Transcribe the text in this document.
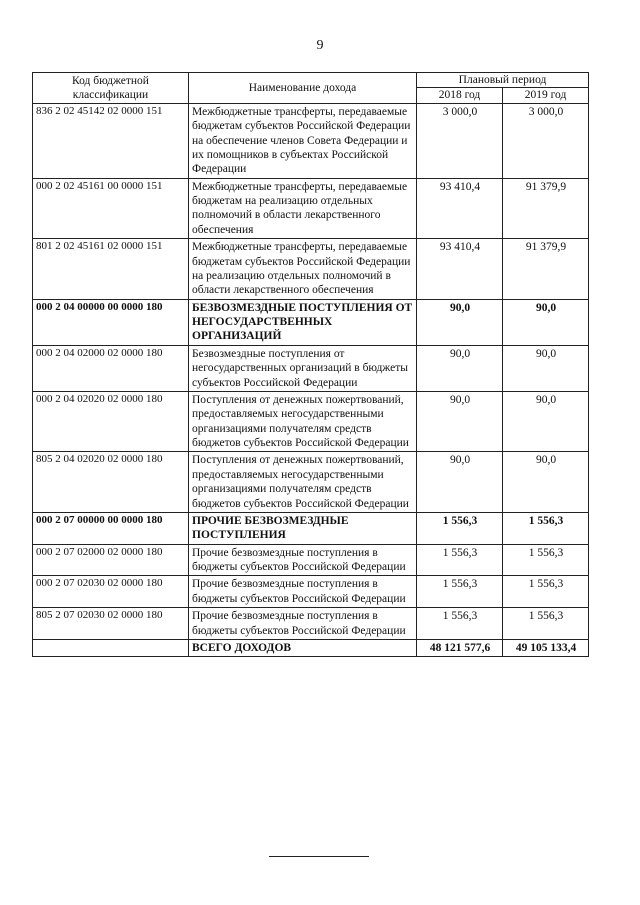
9
Код бюджетной классификации	Наименование дохода	Плановый период	
		2018 год	2019 год
836 2 02 45142 02 0000 151	Межбюджетные трансферты, передаваемые бюджетам субъектов Российской Федерации на обеспечение членов Совета Федерации и их помощников в субъектах Российской Федерации	3 000,0	3 000,0
000 2 02 45161 00 0000 151	Межбюджетные трансферты, передаваемые бюджетам на реализацию отдельных полномочий в области лекарственного обеспечения	93 410,4	91 379,9
801 2 02 45161 02 0000 151	Межбюджетные трансферты, передаваемые бюджетам субъектов Российской Федерации на реализацию отдельных полномочий в области лекарственного обеспечения	93 410,4	91 379,9
000 2 04 00000 00 0000 180	БЕЗВОЗМЕЗДНЫЕ ПОСТУПЛЕНИЯ ОТ НЕГОСУДАРСТВЕННЫХ ОРГАНИЗАЦИЙ	90,0	90,0
000 2 04 02000 02 0000 180	Безвозмездные поступления от негосударственных организаций в бюджеты субъектов Российской Федерации	90,0	90,0
000 2 04 02020 02 0000 180	Поступления от денежных пожертвований, предоставляемых негосударственными организациями получателям средств бюджетов субъектов Российской Федерации	90,0	90,0
805 2 04 02020 02 0000 180	Поступления от денежных пожертвований, предоставляемых негосударственными организациями получателям средств бюджетов субъектов Российской Федерации	90,0	90,0
000 2 07 00000 00 0000 180	ПРОЧИЕ БЕЗВОЗМЕЗДНЫЕ ПОСТУПЛЕНИЯ	1 556,3	1 556,3
000 2 07 02000 02 0000 180	Прочие безвозмездные поступления в бюджеты субъектов Российской Федерации	1 556,3	1 556,3
000 2 07 02030 02 0000 180	Прочие безвозмездные поступления в бюджеты субъектов Российской Федерации	1 556,3	1 556,3
805 2 07 02030 02 0000 180	Прочие безвозмездные поступления в бюджеты субъектов Российской Федерации	1 556,3	1 556,3
	ВСЕГО ДОХОДОВ	48 121 577,6	49 105 133,4
